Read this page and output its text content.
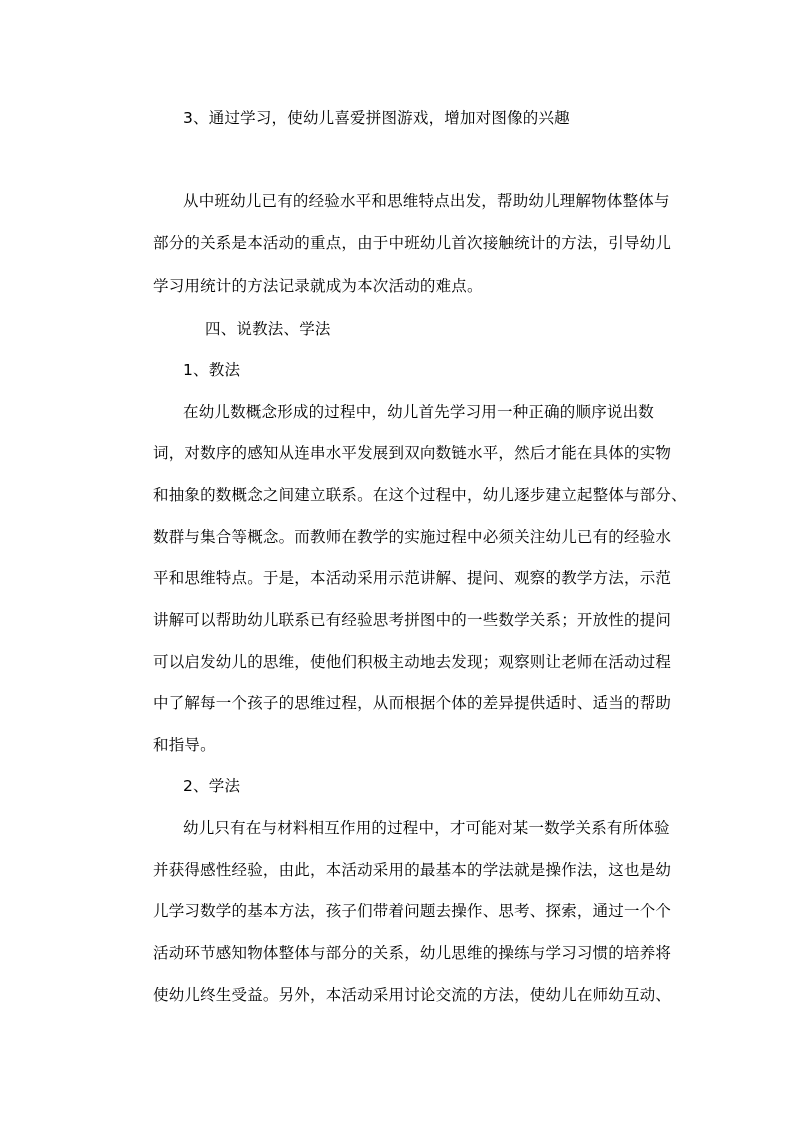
3、通过学习，使幼儿喜爱拼图游戏，增加对图像的兴趣
从中班幼儿已有的经验水平和思维特点出发，帮助幼儿理解物体整体与
部分的关系是本活动的重点，由于中班幼儿首次接触统计的方法，引导幼儿
学习用统计的方法记录就成为本次活动的难点。
四、说教法、学法
1、教法
在幼儿数概念形成的过程中，幼儿首先学习用一种正确的顺序说出数
词，对数序的感知从连串水平发展到双向数链水平，然后才能在具体的实物
和抽象的数概念之间建立联系。在这个过程中，幼儿逐步建立起整体与部分、
数群与集合等概念。而教师在教学的实施过程中必须关注幼儿已有的经验水
平和思维特点。于是，本活动采用示范讲解、提问、观察的教学方法，示范
讲解可以帮助幼儿联系已有经验思考拼图中的一些数学关系；开放性的提问
可以启发幼儿的思维，使他们积极主动地去发现；观察则让老师在活动过程
中了解每一个孩子的思维过程，从而根据个体的差异提供适时、适当的帮助
和指导。
2、学法
幼儿只有在与材料相互作用的过程中，才可能对某一数学关系有所体验
并获得感性经验，由此，本活动采用的最基本的学法就是操作法，这也是幼
儿学习数学的基本方法，孩子们带着问题去操作、思考、探索，通过一个个
活动环节感知物体整体与部分的关系，幼儿思维的操练与学习习惯的培养将
使幼儿终生受益。另外，本活动采用讨论交流的方法，使幼儿在师幼互动、
